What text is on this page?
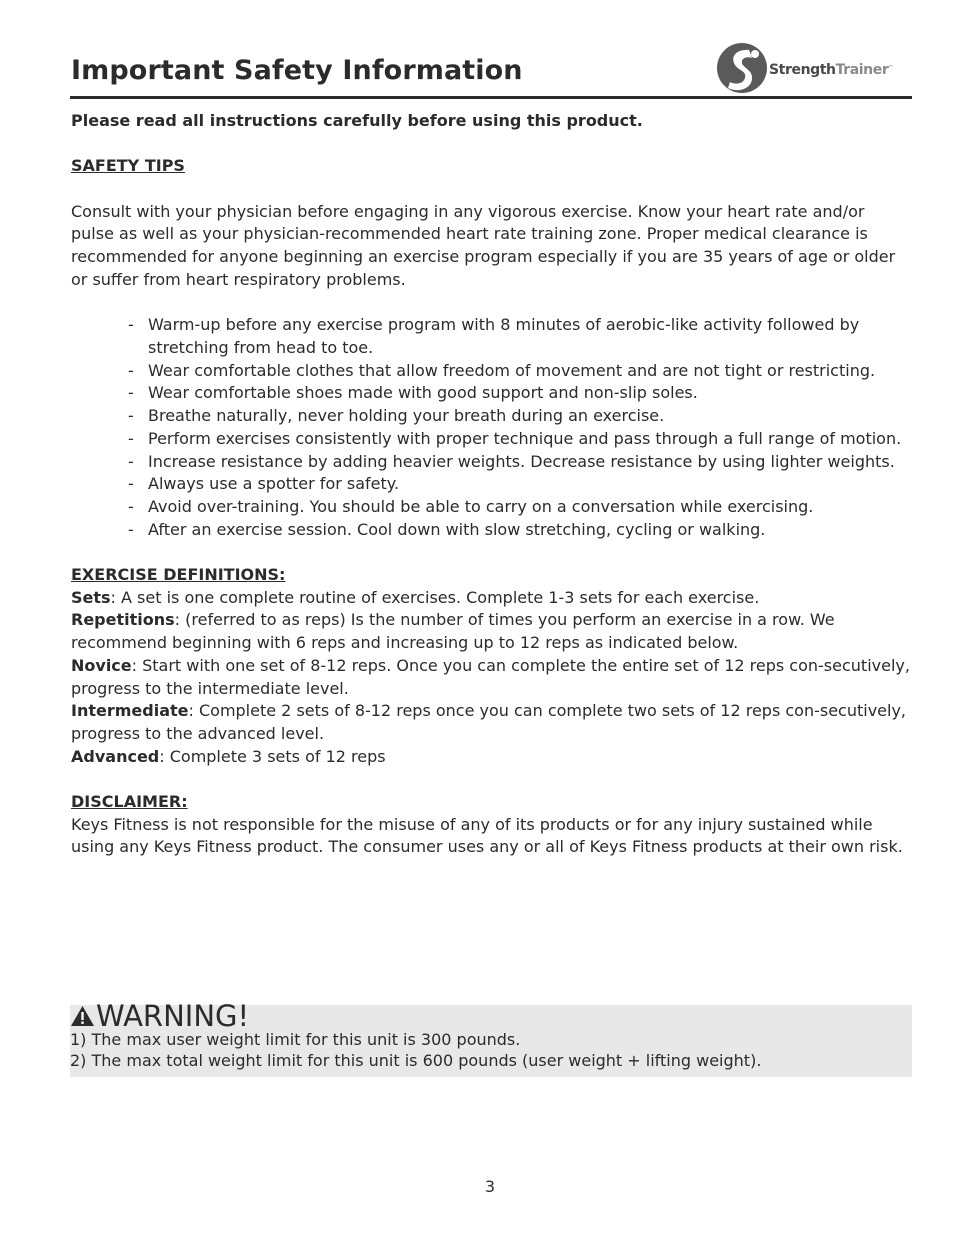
Important Safety Information	StrengthTrainer™

Please read all instructions carefully before using this product.

SAFETY TIPS

Consult with your physician before engaging in any vigorous exercise. Know your heart rate and/or pulse as well as your physician-recommended heart rate training zone. Proper medical clearance is recommended for anyone beginning an exercise program especially if you are 35 years of age or older or suffer from heart respiratory problems.

- Warm-up before any exercise program with 8 minutes of aerobic-like activity followed by stretching from head to toe.
- Wear comfortable clothes that allow freedom of movement and are not tight or restricting.
- Wear comfortable shoes made with good support and non-slip soles.
- Breathe naturally, never holding your breath during an exercise.
- Perform exercises consistently with proper technique and pass through a full range of motion.
- Increase resistance by adding heavier weights. Decrease resistance by using lighter weights.
- Always use a spotter for safety.
- Avoid over-training. You should be able to carry on a conversation while exercising.
- After an exercise session. Cool down with slow stretching, cycling or walking.

EXERCISE DEFINITIONS:

Sets: A set is one complete routine of exercises. Complete 1-3 sets for each exercise.

Repetitions: (referred to as reps) Is the number of times you perform an exercise in a row. We recommend beginning with 6 reps and increasing up to 12 reps as indicated below.

Novice: Start with one set of 8-12 reps. Once you can complete the entire set of 12 reps con-secutively, progress to the intermediate level.

Intermediate: Complete 2 sets of 8-12 reps once you can complete two sets of 12 reps con-secutively, progress to the advanced level.

Advanced: Complete 3 sets of 12 reps

DISCLAIMER:

Keys Fitness is not responsible for the misuse of any of its products or for any injury sustained while using any Keys Fitness product. The consumer uses any or all of Keys Fitness products at their own risk.

WARNING!
1) The max user weight limit for this unit is 300 pounds.
2) The max total weight limit for this unit is 600 pounds (user weight + lifting weight).
3
